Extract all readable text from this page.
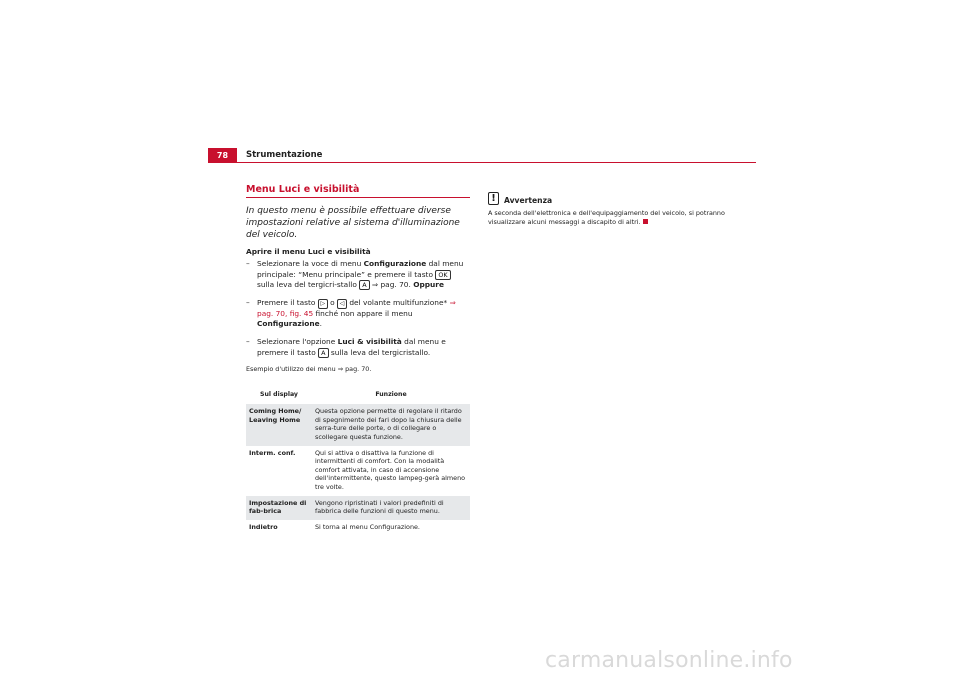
78	Strumentazione
Menu Luci e visibilità
In questo menu è possibile effettuare diverse impostazioni relative al sistema d'illuminazione del veicolo.
Aprire il menu Luci e visibilità
– Selezionare la voce di menu Configurazione dal menu principale: “Menu principale” e premere il tasto OK sulla leva del tergicri-stallo A ⇒ pag. 70. Oppure
– Premere il tasto ▷ o ◁ del volante multifunzione* ⇒ pag. 70, fig. 45 finché non appare il menu Configurazione.
– Selezionare l'opzione Luci & visibilità dal menu e premere il tasto A sulla leva del tergicristallo.
Esempio d'utilizzo dei menu ⇒ pag. 70.
Sul display	Funzione
Coming Home/ Leaving Home	Questa opzione permette di regolare il ritardo di spegnimento dei fari dopo la chiusura delle serra-ture delle porte, o di collegare o scollegare questa funzione.
Interm. conf.	Qui si attiva o disattiva la funzione di intermittenti di comfort. Con la modalità comfort attivata, in caso di accensione dell'intermittente, questo lampeg-gerà almeno tre volte.
Impostazione di fab-brica	Vengono ripristinati i valori predefiniti di fabbrica delle funzioni di questo menu.
Indietro	Si torna al menu Configurazione.
!	Avvertenza
A seconda dell'elettronica e dell'equipaggiamento del veicolo, si potranno visualizzare alcuni messaggi a discapito di altri.
carmanualsonline.info
